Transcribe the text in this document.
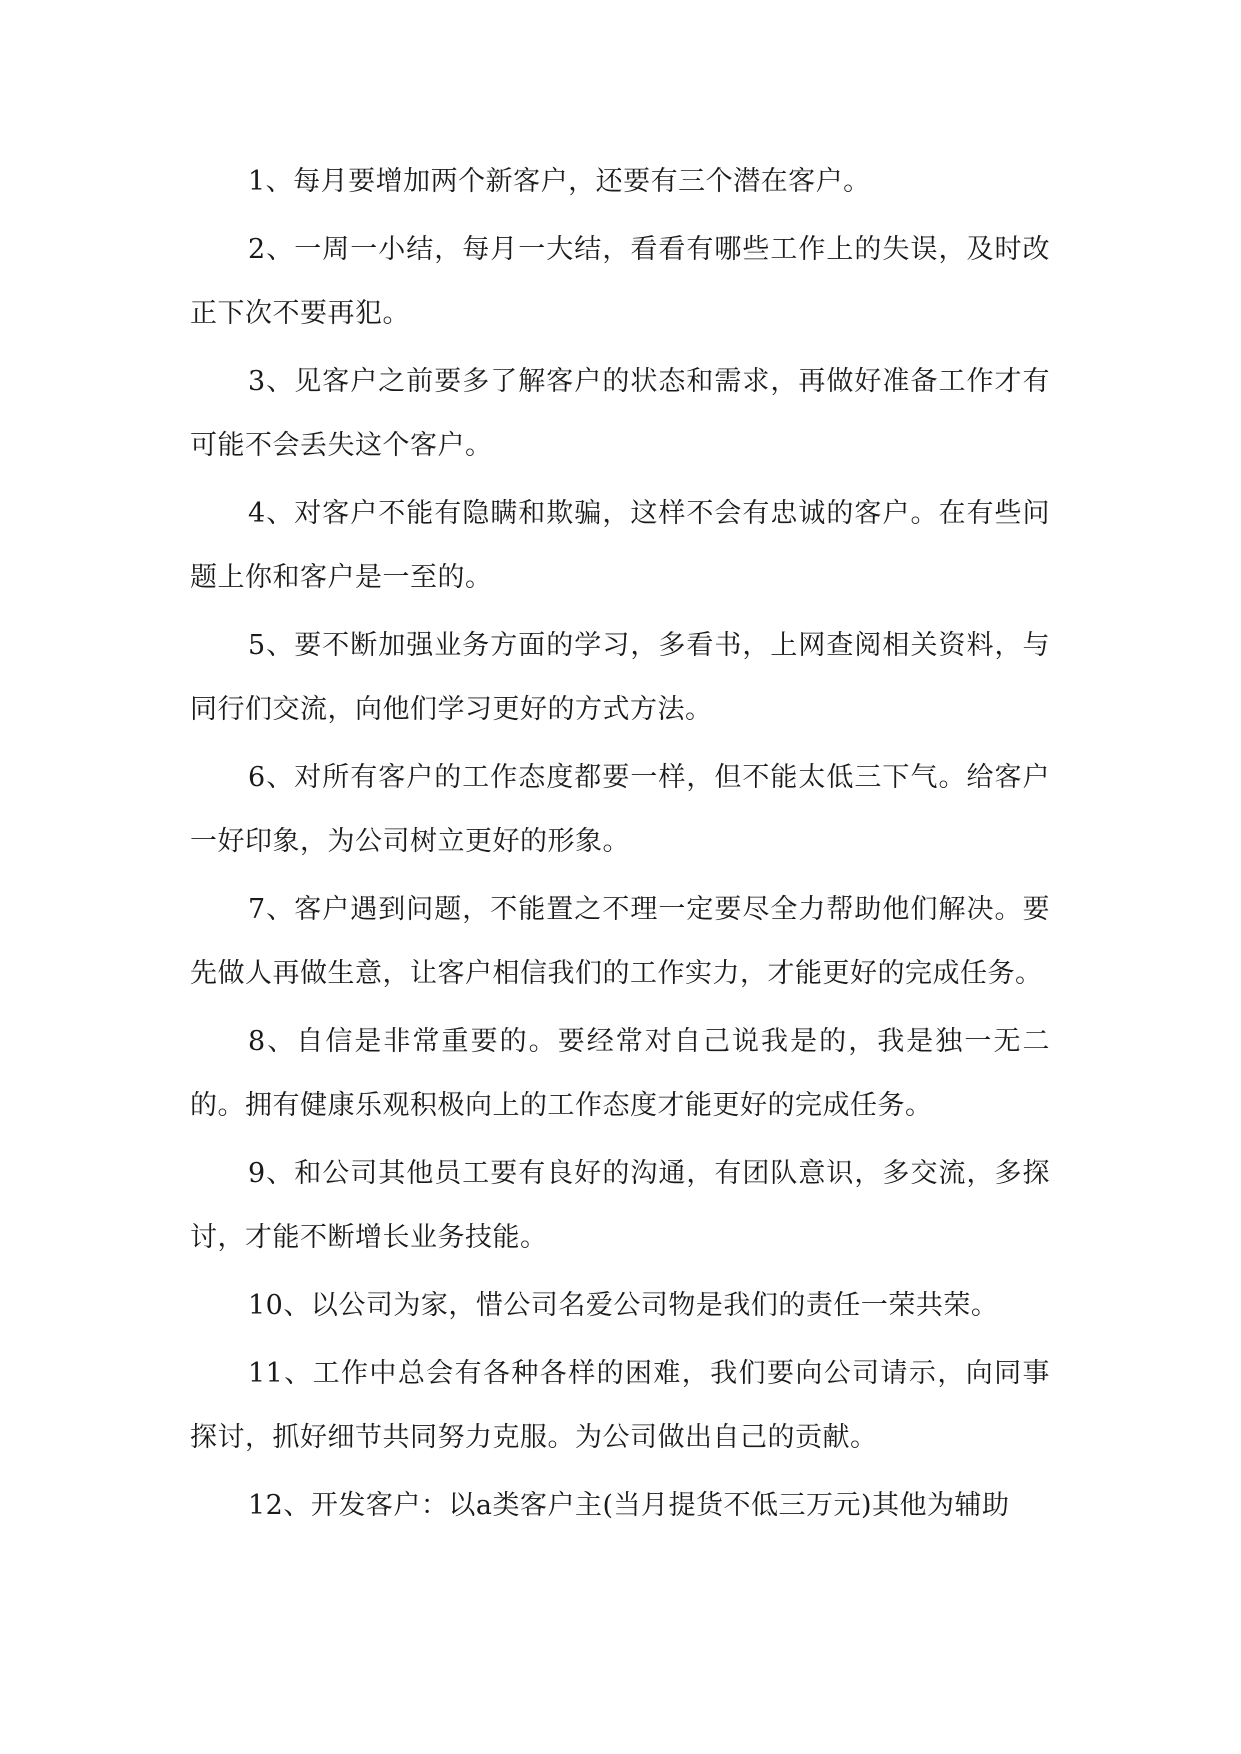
1、每月要增加两个新客户，还要有三个潜在客户。

2、一周一小结，每月一大结，看看有哪些工作上的失误，及时改正下次不要再犯。

3、见客户之前要多了解客户的状态和需求，再做好准备工作才有可能不会丢失这个客户。

4、对客户不能有隐瞒和欺骗，这样不会有忠诚的客户。在有些问题上你和客户是一至的。

5、要不断加强业务方面的学习，多看书，上网查阅相关资料，与同行们交流，向他们学习更好的方式方法。

6、对所有客户的工作态度都要一样，但不能太低三下气。给客户一好印象，为公司树立更好的形象。

7、客户遇到问题，不能置之不理一定要尽全力帮助他们解决。要先做人再做生意，让客户相信我们的工作实力，才能更好的完成任务。

8、自信是非常重要的。要经常对自己说我是的，我是独一无二的。拥有健康乐观积极向上的工作态度才能更好的完成任务。

9、和公司其他员工要有良好的沟通，有团队意识，多交流，多探讨，才能不断增长业务技能。

10、以公司为家，惜公司名爱公司物是我们的责任一荣共荣。

11、工作中总会有各种各样的困难，我们要向公司请示，向同事探讨，抓好细节共同努力克服。为公司做出自己的贡献。

12、开发客户：以a类客户主(当月提货不低三万元)其他为辅助
